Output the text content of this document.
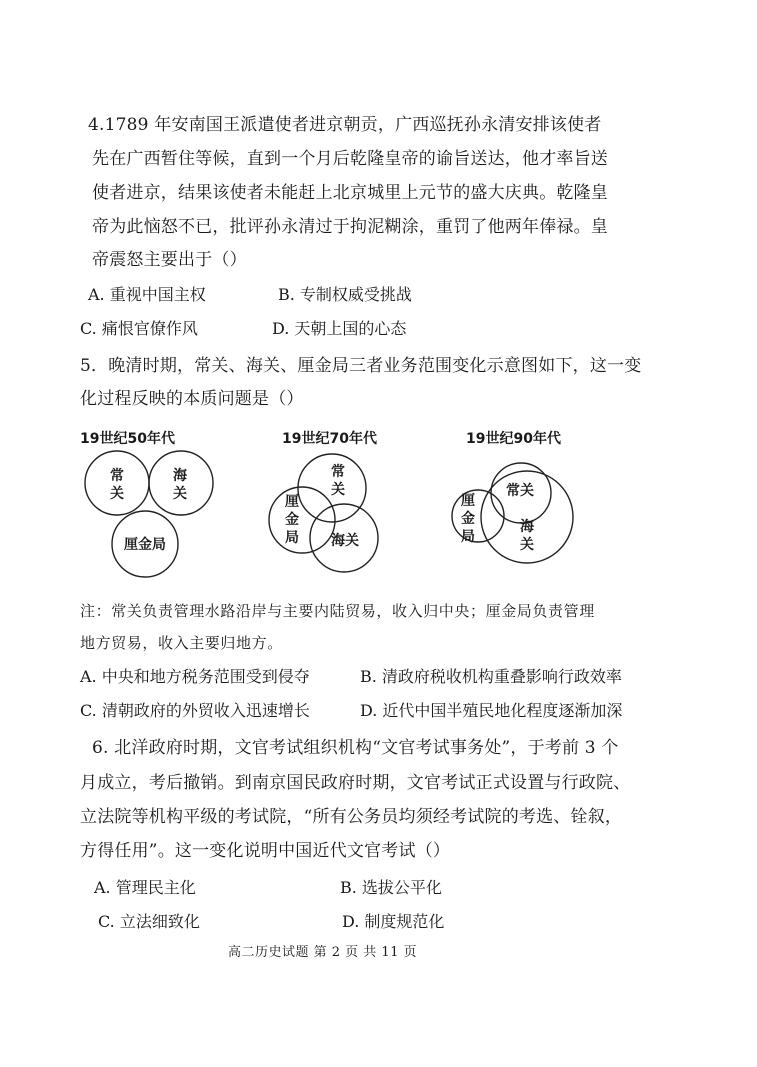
4.1789 年安南国王派遣使者进京朝贡，广西巡抚孙永清安排该使者
先在广西暂住等候，直到一个月后乾隆皇帝的谕旨送达，他才率旨送
使者进京，结果该使者未能赶上北京城里上元节的盛大庆典。乾隆皇
帝为此恼怒不已，批评孙永清过于拘泥糊涂，重罚了他两年俸禄。皇
帝震怒主要出于（）
A. 重视中国主权	B. 专制权威受挑战
C. 痛恨官僚作风	D. 天朝上国的心态
5．晚清时期，常关、海关、厘金局三者业务范围变化示意图如下，这一变
化过程反映的本质问题是（）
19世纪50年代	19世纪70年代	19世纪90年代
常
关
海
关
厘金局
常
关
厘
金
局 海关
常关
厘
金
局
海
关
注：常关负责管理水路沿岸与主要内陆贸易，收入归中央；厘金局负责管理
地方贸易，收入主要归地方。
A. 中央和地方税务范围受到侵夺	B. 清政府税收机构重叠影响行政效率
C. 清朝政府的外贸收入迅速增长	D. 近代中国半殖民地化程度逐渐加深
6. 北洋政府时期，文官考试组织机构“文官考试事务处”，于考前 3 个
月成立，考后撤销。到南京国民政府时期，文官考试正式设置与行政院、
立法院等机构平级的考试院，“所有公务员均须经考试院的考选、铨叙，
方得任用”。这一变化说明中国近代文官考试（）
A. 管理民主化	B. 选拔公平化
C. 立法细致化	D. 制度规范化
高二历史试题 第 2 页 共 11 页
